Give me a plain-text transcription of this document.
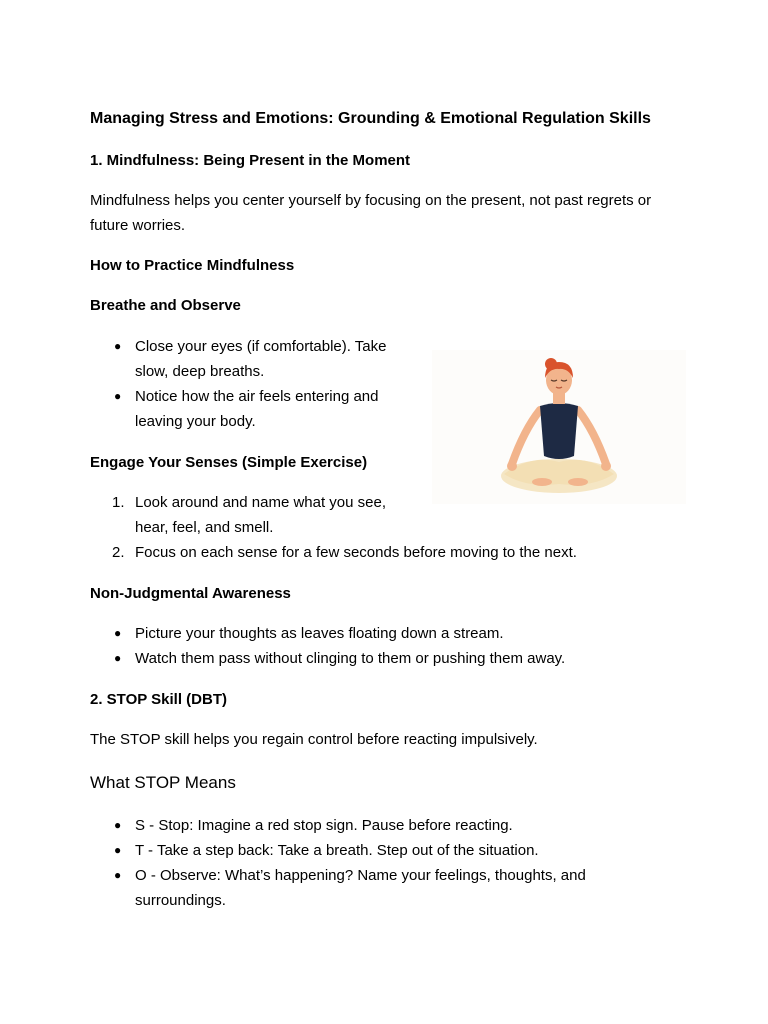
Managing Stress and Emotions: Grounding & Emotional Regulation Skills

1. Mindfulness: Being Present in the Moment

Mindfulness helps you center yourself by focusing on the present, not past regrets or

future worries.

How to Practice Mindfulness

Breathe and Observe

● Close your eyes (if comfortable). Take
slow, deep breaths.
● Notice how the air feels entering and
leaving your body.

Engage Your Senses (Simple Exercise)

1. Look around and name what you see,
hear, feel, and smell.
2. Focus on each sense for a few seconds before moving to the next.

Non-Judgmental Awareness

● Picture your thoughts as leaves floating down a stream.
● Watch them pass without clinging to them or pushing them away.

2. STOP Skill (DBT)

The STOP skill helps you regain control before reacting impulsively.

What STOP Means

● S - Stop: Imagine a red stop sign. Pause before reacting.
● T - Take a step back: Take a breath. Step out of the situation.
● O - Observe: What’s happening? Name your feelings, thoughts, and
surroundings.
